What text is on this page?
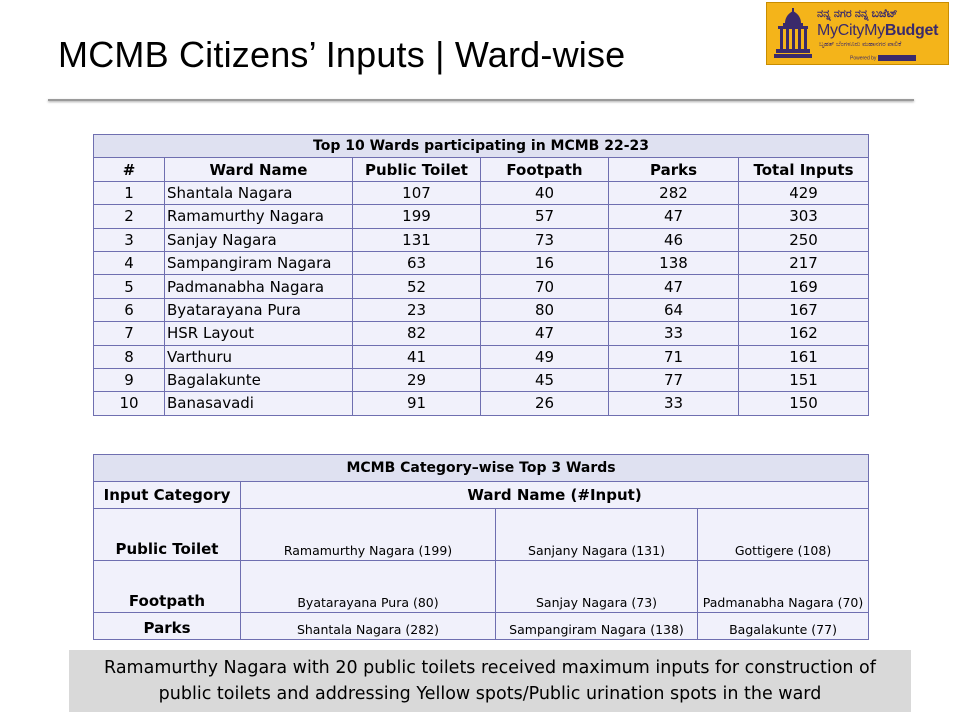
MCMB Citizens’ Inputs | Ward-wise
ನನ್ನ ನಗರ ನನ್ನ ಬಜೆಟ್
MyCityMyBudget
ಬೃಹತ್ ಬೆಂಗಳೂರು ಮಹಾನಗರ ಪಾಲಿಕೆ
Powered by
Top 10 Wards participating in MCMB 22-23					
#	Ward Name	Public Toilet	Footpath	Parks	Total Inputs
1	Shantala Nagara	107	40	282	429
2	Ramamurthy Nagara	199	57	47	303
3	Sanjay Nagara	131	73	46	250
4	Sampangiram Nagara	63	16	138	217
5	Padmanabha Nagara	52	70	47	169
6	Byatarayana Pura	23	80	64	167
7	HSR Layout	82	47	33	162
8	Varthuru	41	49	71	161
9	Bagalakunte	29	45	77	151
10	Banasavadi	91	26	33	150
MCMB Category–wise Top 3 Wards			
Input Category	Ward Name (#Input)		
Public Toilet	Ramamurthy Nagara (199)	Sanjany Nagara (131)	Gottigere (108)
Footpath	Byatarayana Pura (80)	Sanjay Nagara (73)	Padmanabha Nagara (70)
Parks	Shantala Nagara (282)	Sampangiram Nagara (138)	Bagalakunte (77)
Ramamurthy Nagara with 20 public toilets received maximum inputs for construction of public toilets and addressing Yellow spots/Public urination spots in the ward
